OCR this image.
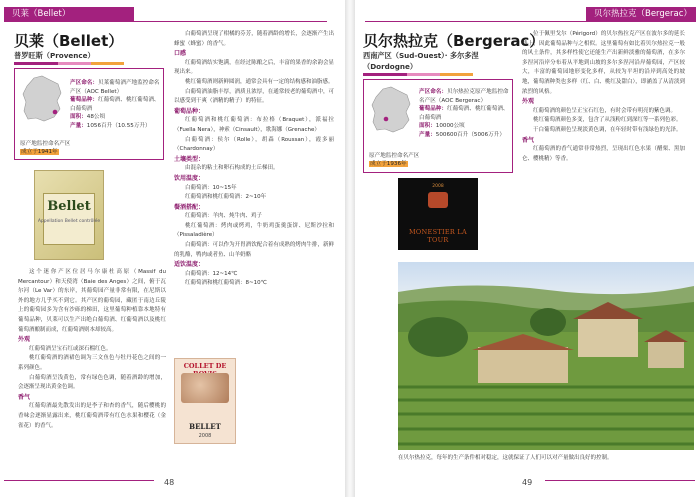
贝莱（Bellet）
贝莱（Bellet）
普罗旺斯（Provence）
产区命名：贝莱葡萄酒产地监控命名产区（AOC Bellet）
葡萄品种：红葡萄酒、桃红葡萄酒、白葡萄酒
面积：48公顷
产量：1056百升（10.55万升）
原产地监控命名产区
成立于1941年
Bellet
Appellation Bellet contrôlée

这个迷你产区位居马尔康杜高原（Massif du Mercantour）和天使湾（Baie des Anges）之间，俯于瓦尔河（Le Var）的东岸，其葡萄园产量非常有限，在尼斯以外的地方几乎买不到它。其产区的葡萄园，藏匿于南边丘陵上的葡萄园多为含有沙砾的梯田，这里葡萄种植靠本地特有葡萄品种，贝莱可以生产出绝白葡萄酒、红葡萄酒以及桃红葡萄酒酿制而成，红葡萄酒则本却较高。

外观

红葡萄酒呈宝石红或深石榴红色。

桃红葡萄酒的酒裙色调为三文鱼色与牡丹花色之间的一系列颜色。

白葡萄酒呈浅黄色，常有绿色色调，随着酒龄的增加，会逐渐呈现出黄金色调。

香气

红葡萄酒最先散发出的是李子和杏的香气，随后樱桃的香味会逐渐显露出来，桃红葡萄酒带有红色水果和樱花（金雀花）的香气。

白葡萄酒呈现了柑橘的芬芳，随着酒龄的增长，会逐渐产生出蜂蜜（蜂蜜）的香气。

口感

红葡萄酒结实饱满，在经过陈酿之后，丰富的果香的余韵会显现出来。

桃红葡萄酒则新鲜圆润，通常会具有一定的结构感和油脂感。

白葡萄酒油脂丰厚，酒质且浓厚，在通常较老的葡萄酒中，可以感受到干爽（酒精的精子）的特征。

葡萄品种：

红葡萄酒和桃红葡萄酒：布拉格（Braquet），派福拉（Fuella Nera），神索（Cinsault），歌海娜（Grenache）

白葡萄酒：侯尔（Rolle），胡森（Roussan），霞多丽（Chardonnay）

土壤类型：

由混杂的粘土和卵石构成的土丘梯田。

饮用温度：

白葡萄酒：10~15年

红葡萄酒和桃红葡萄酒：2~10年

餐酒搭配：

红葡萄酒：羊肉、炖牛肉、鸡子

桃红葡萄酒：烤肉或烤鸡，牛奶鸡蛋羹蛋饼、尼斯沙拉和（Pissaladière）

白葡萄酒：可以作为开胃酒饮配合着有成熟的烤肉牛排，新鲜的乳酪，鸭肉或者鱼、山羊奶酪

适饮温度：

白葡萄酒：12~14℃

红葡萄酒和桃红葡萄酒：8~10℃

COLLET DE
BELLET
2008
48
贝尔热拉克（Bergerac）
贝尔热拉克（Bergerac）
西南产区（Sud-Ouest）· 多尔多涅
（Dordogne）
产区命名：贝尔热拉克原产地监控命名产区（AOC Bergerac）
葡萄品种：红葡萄酒、桃红葡萄酒、白葡萄酒
面积：10000公顷
产量：500600百升（5006万升）
原产地监控命名产区
成立于1936年
2008
MONESTIER LA TOUR

位于佩里戈尔（Périgord）的贝尔热拉克产区在波尔多的延长线上，因此葡萄品种与之相似。这里葡萄有如比着贝尔热拉克一般的风土条件，其多样性使它还能生产出新鲜淡雅的葡萄酒，在多尔多涅河沿岸分布着从平地到山坡的多尔多涅河沿岸葡萄园，产区较大，丰富的葡萄园地形变化多样，从较为平坦的沿岸到高处的坡地，葡萄酒种类也多样（红、白、桃红及甜白），即涵盖了从清淡到浓烈的风格。

外观

红葡萄酒的颜色呈正宝石红色，有时会带有明亮的紫色调。

桃红葡萄酒颜色多变，包含了从浅粉红到深红等一系列色彩。

干白葡萄酒颜色呈现淡黄色调，在年轻时带有浅绿色的光泽。

香气

红葡萄酒的香气通常非常热烈，呈现出红色水果（醋栗、黑加仑、樱桃精）等香。

在贝尔热拉克，每年的生产条件相对稳定，这就保证了人们可以对产量做出良好的控制。
49
